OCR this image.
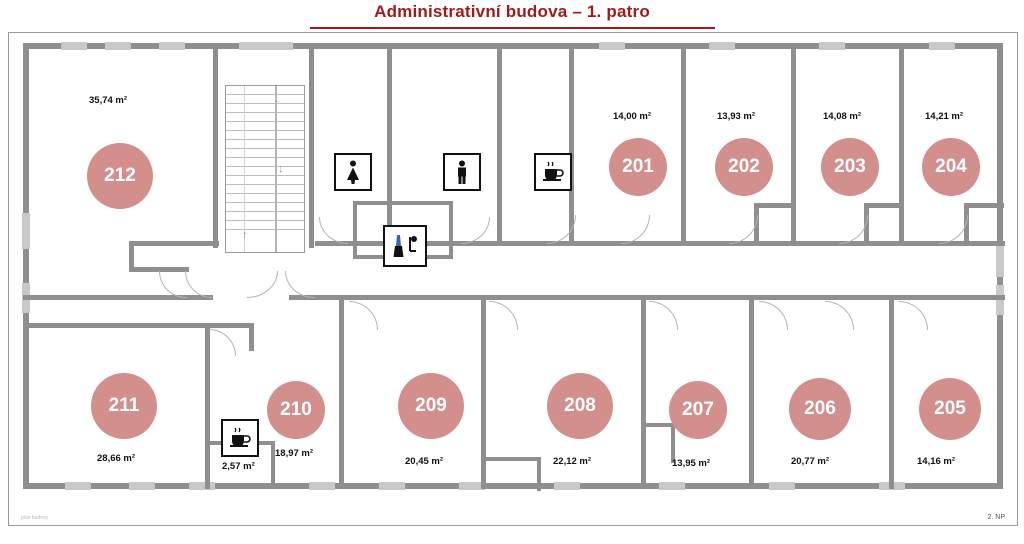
Administrativní budova – 1. patro
↑
↑
↓
212
35,74 m²
201
14,00 m²
202
13,93 m²
203
14,08 m²
204
14,21 m²
211
28,66 m²
210
18,97 m²
209
20,45 m²
208
22,12 m²
207
13,95 m²
206
20,77 m²
205
14,16 m²
2,57 m²
plán budovy	2. NP
